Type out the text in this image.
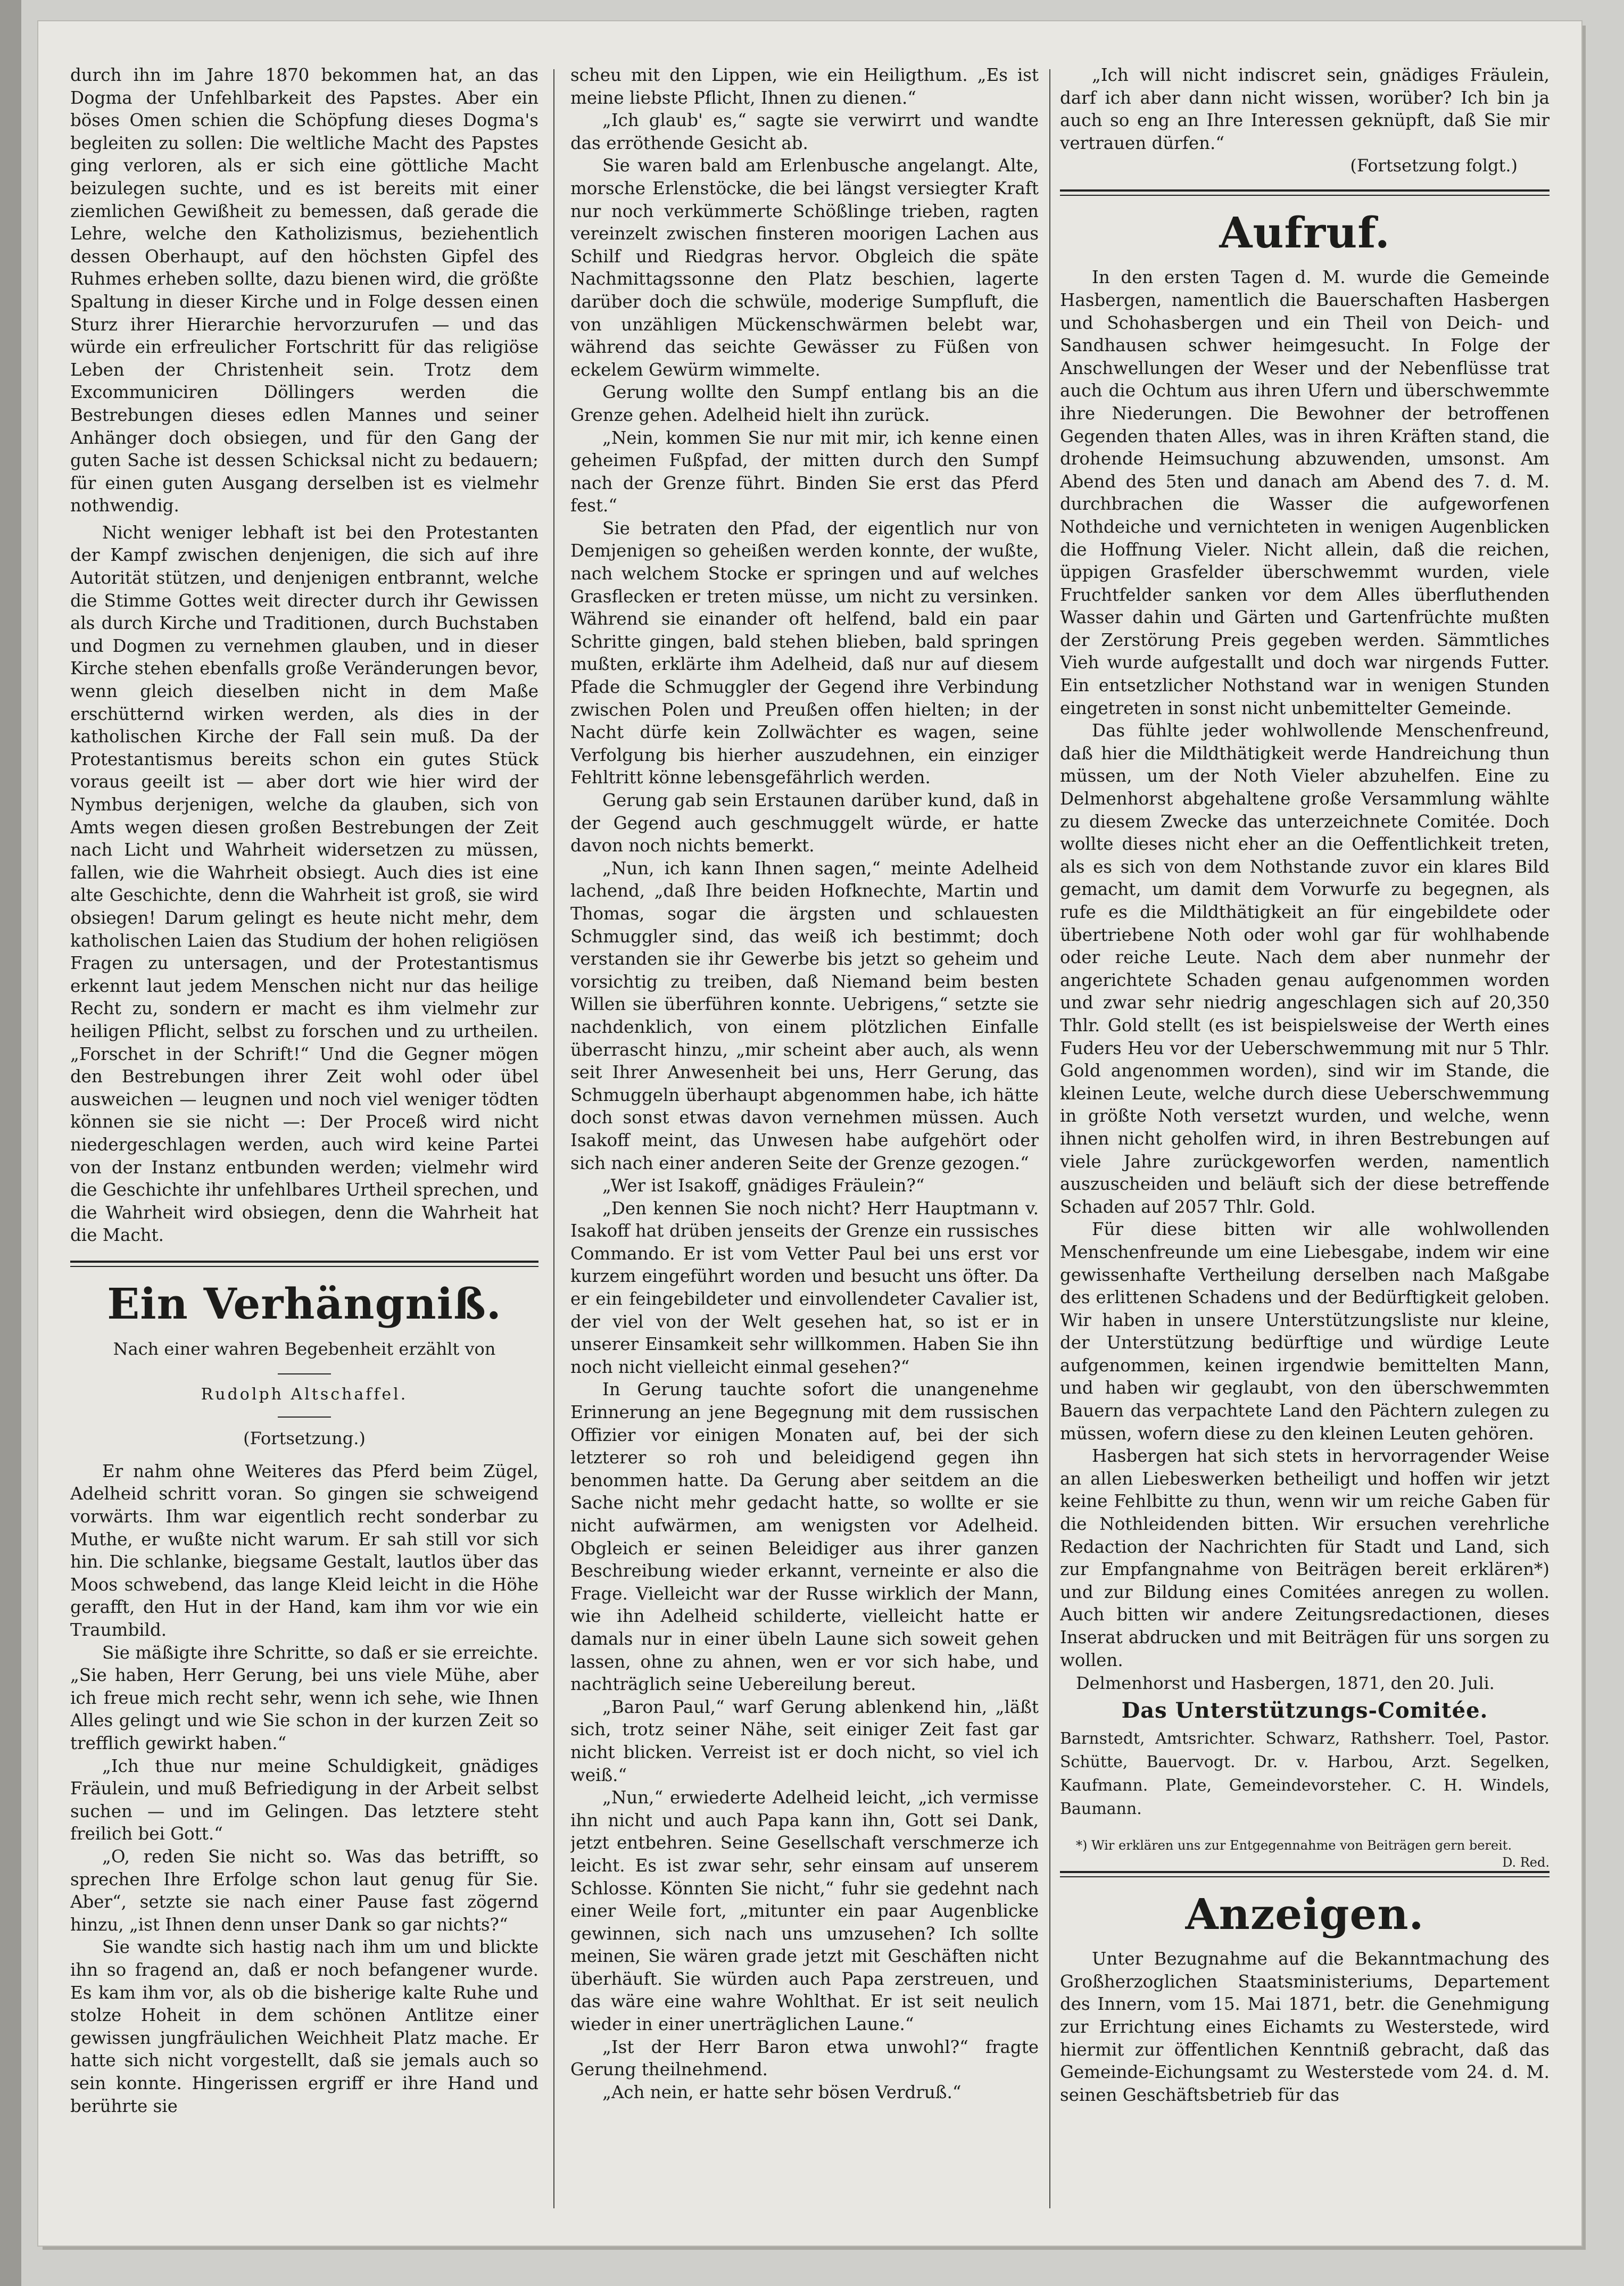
durch ihn im Jahre 1870 bekommen hat, an das Dogma der Unfehlbarkeit des Papstes. Aber ein böses Omen schien die Schöpfung dieses Dogma's begleiten zu sollen: Die weltliche Macht des Papstes ging verloren, als er sich eine göttliche Macht beizulegen suchte, und es ist bereits mit einer ziemlichen Gewißheit zu bemessen, daß gerade die Lehre, welche den Katholizismus, beziehentlich dessen Oberhaupt, auf den höchsten Gipfel des Ruhmes erheben sollte, dazu bienen wird, die größte Spaltung in dieser Kirche und in Folge dessen einen Sturz ihrer Hierarchie hervorzurufen — und das würde ein erfreulicher Fortschritt für das religiöse Leben der Christenheit sein. Trotz dem Excommuniciren Döllingers werden die Bestrebungen dieses edlen Mannes und seiner Anhänger doch obsiegen, und für den Gang der guten Sache ist dessen Schicksal nicht zu bedauern; für einen guten Ausgang derselben ist es vielmehr nothwendig.

Nicht weniger lebhaft ist bei den Protestanten der Kampf zwischen denjenigen, die sich auf ihre Autorität stützen, und denjenigen entbrannt, welche die Stimme Gottes weit directer durch ihr Gewissen als durch Kirche und Traditionen, durch Buchstaben und Dogmen zu vernehmen glauben, und in dieser Kirche stehen ebenfalls große Veränderungen bevor, wenn gleich dieselben nicht in dem Maße erschütternd wirken werden, als dies in der katholischen Kirche der Fall sein muß. Da der Protestantismus bereits schon ein gutes Stück voraus geeilt ist — aber dort wie hier wird der Nymbus derjenigen, welche da glauben, sich von Amts wegen diesen großen Bestrebungen der Zeit nach Licht und Wahrheit widersetzen zu müssen, fallen, wie die Wahrheit obsiegt. Auch dies ist eine alte Geschichte, denn die Wahrheit ist groß, sie wird obsiegen! Darum gelingt es heute nicht mehr, dem katholischen Laien das Studium der hohen religiösen Fragen zu untersagen, und der Protestantismus erkennt laut jedem Menschen nicht nur das heilige Recht zu, sondern er macht es ihm vielmehr zur heiligen Pflicht, selbst zu forschen und zu urtheilen. „Forschet in der Schrift!“ Und die Gegner mögen den Bestrebungen ihrer Zeit wohl oder übel ausweichen — leugnen und noch viel weniger tödten können sie sie nicht —: Der Proceß wird nicht niedergeschlagen werden, auch wird keine Partei von der Instanz entbunden werden; vielmehr wird die Geschichte ihr unfehlbares Urtheil sprechen, und die Wahrheit wird obsiegen, denn die Wahrheit hat die Macht.

Ein Verhängniß.

Nach einer wahren Begebenheit erzählt von

Rudolph Altschaffel.

(Fortsetzung.)

Er nahm ohne Weiteres das Pferd beim Zügel, Adelheid schritt voran. So gingen sie schweigend vorwärts. Ihm war eigentlich recht sonderbar zu Muthe, er wußte nicht warum. Er sah still vor sich hin. Die schlanke, biegsame Gestalt, lautlos über das Moos schwebend, das lange Kleid leicht in die Höhe gerafft, den Hut in der Hand, kam ihm vor wie ein Traumbild.

Sie mäßigte ihre Schritte, so daß er sie erreichte. „Sie haben, Herr Gerung, bei uns viele Mühe, aber ich freue mich recht sehr, wenn ich sehe, wie Ihnen Alles gelingt und wie Sie schon in der kurzen Zeit so trefflich gewirkt haben.“

„Ich thue nur meine Schuldigkeit, gnädiges Fräulein, und muß Befriedigung in der Arbeit selbst suchen — und im Gelingen. Das letztere steht freilich bei Gott.“

„O, reden Sie nicht so. Was das betrifft, so sprechen Ihre Erfolge schon laut genug für Sie. Aber“, setzte sie nach einer Pause fast zögernd hinzu, „ist Ihnen denn unser Dank so gar nichts?“

Sie wandte sich hastig nach ihm um und blickte ihn so fragend an, daß er noch befangener wurde. Es kam ihm vor, als ob die bisherige kalte Ruhe und stolze Hoheit in dem schönen Antlitze einer gewissen jungfräulichen Weichheit Platz mache. Er hatte sich nicht vorgestellt, daß sie jemals auch so sein konnte. Hingerissen ergriff er ihre Hand und berührte sie

scheu mit den Lippen, wie ein Heiligthum. „Es ist meine liebste Pflicht, Ihnen zu dienen.“

„Ich glaub' es,“ sagte sie verwirrt und wandte das erröthende Gesicht ab.

Sie waren bald am Erlenbusche angelangt. Alte, morsche Erlenstöcke, die bei längst versiegter Kraft nur noch verkümmerte Schößlinge trieben, ragten vereinzelt zwischen finsteren moorigen Lachen aus Schilf und Riedgras hervor. Obgleich die späte Nachmittagssonne den Platz beschien, lagerte darüber doch die schwüle, moderige Sumpfluft, die von unzähligen Mückenschwärmen belebt war, während das seichte Gewässer zu Füßen von eckelem Gewürm wimmelte.

Gerung wollte den Sumpf entlang bis an die Grenze gehen. Adelheid hielt ihn zurück.

„Nein, kommen Sie nur mit mir, ich kenne einen geheimen Fußpfad, der mitten durch den Sumpf nach der Grenze führt. Binden Sie erst das Pferd fest.“

Sie betraten den Pfad, der eigentlich nur von Demjenigen so geheißen werden konnte, der wußte, nach welchem Stocke er springen und auf welches Grasflecken er treten müsse, um nicht zu versinken. Während sie einander oft helfend, bald ein paar Schritte gingen, bald stehen blieben, bald springen mußten, erklärte ihm Adelheid, daß nur auf diesem Pfade die Schmuggler der Gegend ihre Verbindung zwischen Polen und Preußen offen hielten; in der Nacht dürfe kein Zollwächter es wagen, seine Verfolgung bis hierher auszudehnen, ein einziger Fehltritt könne lebensgefährlich werden.

Gerung gab sein Erstaunen darüber kund, daß in der Gegend auch geschmuggelt würde, er hatte davon noch nichts bemerkt.

„Nun, ich kann Ihnen sagen,“ meinte Adelheid lachend, „daß Ihre beiden Hofknechte, Martin und Thomas, sogar die ärgsten und schlauesten Schmuggler sind, das weiß ich bestimmt; doch verstanden sie ihr Gewerbe bis jetzt so geheim und vorsichtig zu treiben, daß Niemand beim besten Willen sie überführen konnte. Uebrigens,“ setzte sie nachdenklich, von einem plötzlichen Einfalle überrascht hinzu, „mir scheint aber auch, als wenn seit Ihrer Anwesenheit bei uns, Herr Gerung, das Schmuggeln überhaupt abgenommen habe, ich hätte doch sonst etwas davon vernehmen müssen. Auch Isakoff meint, das Unwesen habe aufgehört oder sich nach einer anderen Seite der Grenze gezogen.“

„Wer ist Isakoff, gnädiges Fräulein?“

„Den kennen Sie noch nicht? Herr Hauptmann v. Isakoff hat drüben jenseits der Grenze ein russisches Commando. Er ist vom Vetter Paul bei uns erst vor kurzem eingeführt worden und besucht uns öfter. Da er ein feingebildeter und einvollendeter Cavalier ist, der viel von der Welt gesehen hat, so ist er in unserer Einsamkeit sehr willkommen. Haben Sie ihn noch nicht vielleicht einmal gesehen?“

In Gerung tauchte sofort die unangenehme Erinnerung an jene Begegnung mit dem russischen Offizier vor einigen Monaten auf, bei der sich letzterer so roh und beleidigend gegen ihn benommen hatte. Da Gerung aber seitdem an die Sache nicht mehr gedacht hatte, so wollte er sie nicht aufwärmen, am wenigsten vor Adelheid. Obgleich er seinen Beleidiger aus ihrer ganzen Beschreibung wieder erkannt, verneinte er also die Frage. Vielleicht war der Russe wirklich der Mann, wie ihn Adelheid schilderte, vielleicht hatte er damals nur in einer übeln Laune sich soweit gehen lassen, ohne zu ahnen, wen er vor sich habe, und nachträglich seine Uebereilung bereut.

„Baron Paul,“ warf Gerung ablenkend hin, „läßt sich, trotz seiner Nähe, seit einiger Zeit fast gar nicht blicken. Verreist ist er doch nicht, so viel ich weiß.“

„Nun,“ erwiederte Adelheid leicht, „ich vermisse ihn nicht und auch Papa kann ihn, Gott sei Dank, jetzt entbehren. Seine Gesellschaft verschmerze ich leicht. Es ist zwar sehr, sehr einsam auf unserem Schlosse. Könnten Sie nicht,“ fuhr sie gedehnt nach einer Weile fort, „mitunter ein paar Augenblicke gewinnen, sich nach uns umzusehen? Ich sollte meinen, Sie wären grade jetzt mit Geschäften nicht überhäuft. Sie würden auch Papa zerstreuen, und das wäre eine wahre Wohlthat. Er ist seit neulich wieder in einer unerträglichen Laune.“

„Ist der Herr Baron etwa unwohl?“ fragte Gerung theilnehmend.

„Ach nein, er hatte sehr bösen Verdruß.“

„Ich will nicht indiscret sein, gnädiges Fräulein, darf ich aber dann nicht wissen, worüber? Ich bin ja auch so eng an Ihre Interessen geknüpft, daß Sie mir vertrauen dürfen.“

(Fortsetzung folgt.)

Aufruf.

In den ersten Tagen d. M. wurde die Gemeinde Hasbergen, namentlich die Bauerschaften Hasbergen und Schohasbergen und ein Theil von Deich- und Sandhausen schwer heimgesucht. In Folge der Anschwellungen der Weser und der Nebenflüsse trat auch die Ochtum aus ihren Ufern und überschwemmte ihre Niederungen. Die Bewohner der betroffenen Gegenden thaten Alles, was in ihren Kräften stand, die drohende Heimsuchung abzuwenden, umsonst. Am Abend des 5ten und danach am Abend des 7. d. M. durchbrachen die Wasser die aufgeworfenen Nothdeiche und vernichteten in wenigen Augenblicken die Hoffnung Vieler. Nicht allein, daß die reichen, üppigen Grasfelder überschwemmt wurden, viele Fruchtfelder sanken vor dem Alles überfluthenden Wasser dahin und Gärten und Gartenfrüchte mußten der Zerstörung Preis gegeben werden. Sämmtliches Vieh wurde aufgestallt und doch war nirgends Futter. Ein entsetzlicher Nothstand war in wenigen Stunden eingetreten in sonst nicht unbemittelter Gemeinde.

Das fühlte jeder wohlwollende Menschenfreund, daß hier die Mildthätigkeit werde Handreichung thun müssen, um der Noth Vieler abzuhelfen. Eine zu Delmenhorst abgehaltene große Versammlung wählte zu diesem Zwecke das unterzeichnete Comitée. Doch wollte dieses nicht eher an die Oeffentlichkeit treten, als es sich von dem Nothstande zuvor ein klares Bild gemacht, um damit dem Vorwurfe zu begegnen, als rufe es die Mildthätigkeit an für eingebildete oder übertriebene Noth oder wohl gar für wohlhabende oder reiche Leute. Nach dem aber nunmehr der angerichtete Schaden genau aufgenommen worden und zwar sehr niedrig angeschlagen sich auf 20,350 Thlr. Gold stellt (es ist beispielsweise der Werth eines Fuders Heu vor der Ueberschwemmung mit nur 5 Thlr. Gold angenommen worden), sind wir im Stande, die kleinen Leute, welche durch diese Ueberschwemmung in größte Noth versetzt wurden, und welche, wenn ihnen nicht geholfen wird, in ihren Bestrebungen auf viele Jahre zurückgeworfen werden, namentlich auszuscheiden und beläuft sich der diese betreffende Schaden auf 2057 Thlr. Gold.

Für diese bitten wir alle wohlwollenden Menschenfreunde um eine Liebesgabe, indem wir eine gewissenhafte Vertheilung derselben nach Maßgabe des erlittenen Schadens und der Bedürftigkeit geloben. Wir haben in unsere Unterstützungsliste nur kleine, der Unterstützung bedürftige und würdige Leute aufgenommen, keinen irgendwie bemittelten Mann, und haben wir geglaubt, von den überschwemmten Bauern das verpachtete Land den Pächtern zulegen zu müssen, wofern diese zu den kleinen Leuten gehören.

Hasbergen hat sich stets in hervorragender Weise an allen Liebeswerken betheiligt und hoffen wir jetzt keine Fehlbitte zu thun, wenn wir um reiche Gaben für die Nothleidenden bitten. Wir ersuchen verehrliche Redaction der Nachrichten für Stadt und Land, sich zur Empfangnahme von Beiträgen bereit erklären*) und zur Bildung eines Comitées anregen zu wollen. Auch bitten wir andere Zeitungsredactionen, dieses Inserat abdrucken und mit Beiträgen für uns sorgen zu wollen.

Delmenhorst und Hasbergen, 1871, den 20. Juli.

Das Unterstützungs-Comitée.

Barnstedt, Amtsrichter. Schwarz, Rathsherr. Toel, Pastor. Schütte, Bauervogt. Dr. v. Harbou, Arzt. Segelken, Kaufmann. Plate, Gemeindevorsteher. C. H. Windels, Baumann.

*) Wir erklären uns zur Entgegennahme von Beiträgen gern bereit.
D. Red.

Anzeigen.

Unter Bezugnahme auf die Bekanntmachung des Großherzoglichen Staatsministeriums, Departement des Innern, vom 15. Mai 1871, betr. die Genehmigung zur Errichtung eines Eichamts zu Westerstede, wird hiermit zur öffentlichen Kenntniß gebracht, daß das Gemeinde-Eichungsamt zu Westerstede vom 24. d. M. seinen Geschäftsbetrieb für das
